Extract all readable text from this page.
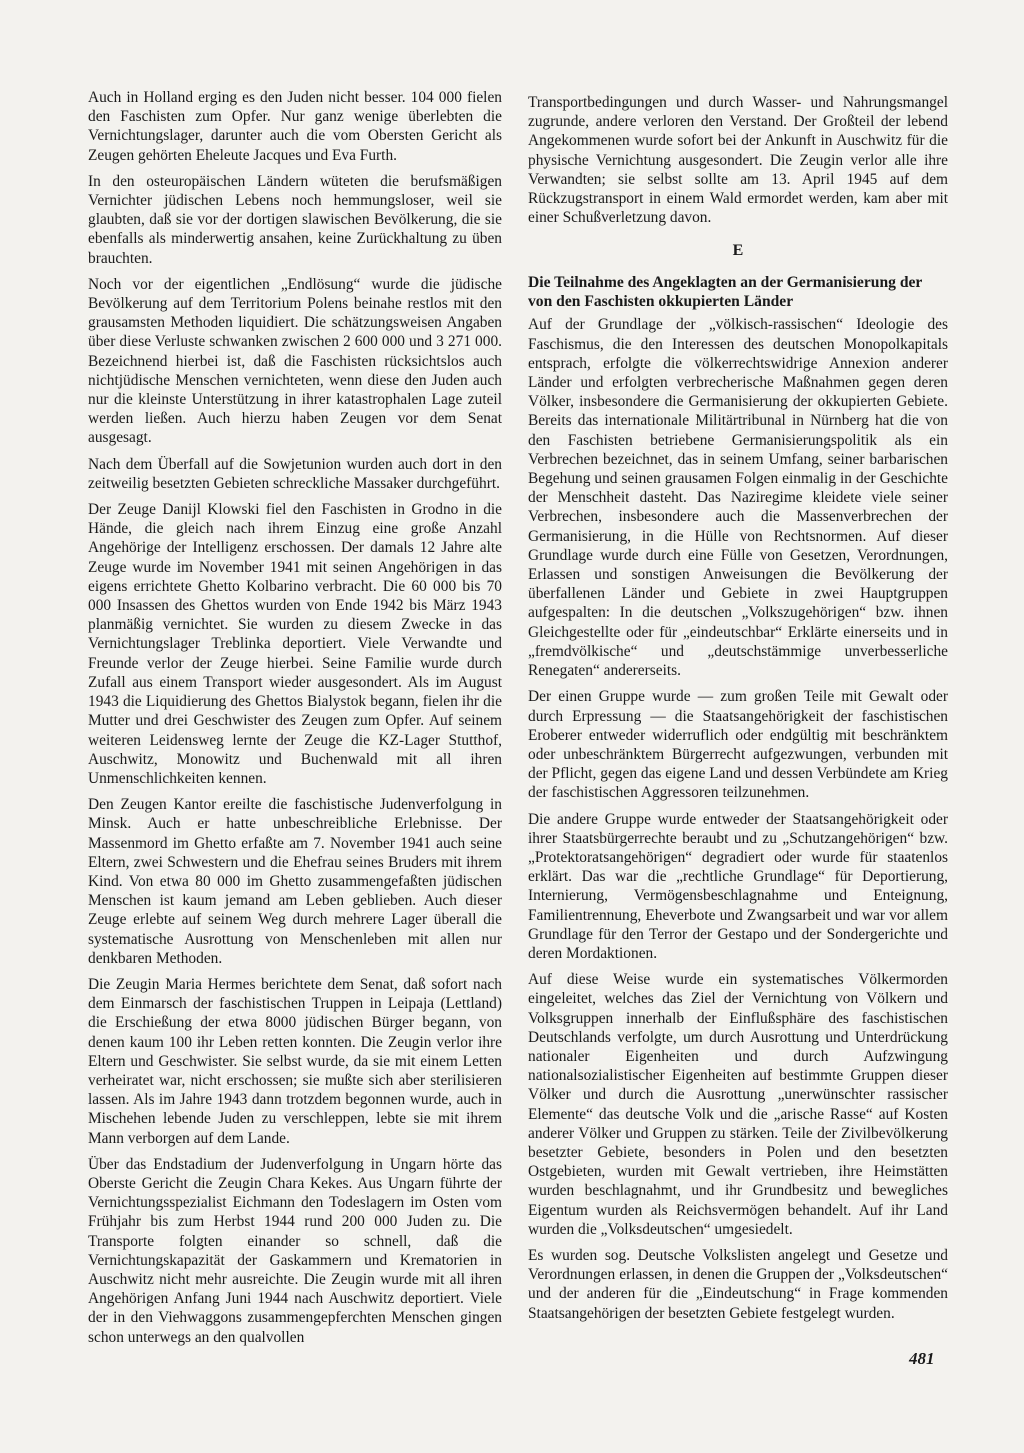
Auch in Holland erging es den Juden nicht besser. 104 000 fielen den Faschisten zum Opfer. Nur ganz wenige überlebten die Vernichtungslager, darunter auch die vom Obersten Gericht als Zeugen gehörten Eheleute Jacques und Eva Furth.

In den osteuropäischen Ländern wüteten die berufsmäßigen Vernichter jüdischen Lebens noch hemmungsloser, weil sie glaubten, daß sie vor der dortigen slawischen Bevölkerung, die sie ebenfalls als minderwertig ansahen, keine Zurückhaltung zu üben brauchten.

Noch vor der eigentlichen „Endlösung“ wurde die jüdische Bevölkerung auf dem Territorium Polens beinahe restlos mit den grausamsten Methoden liquidiert. Die schätzungsweisen Angaben über diese Verluste schwanken zwischen 2 600 000 und 3 271 000. Bezeichnend hierbei ist, daß die Faschisten rücksichtslos auch nichtjüdische Menschen vernichteten, wenn diese den Juden auch nur die kleinste Unterstützung in ihrer katastrophalen Lage zuteil werden ließen. Auch hierzu haben Zeugen vor dem Senat ausgesagt.

Nach dem Überfall auf die Sowjetunion wurden auch dort in den zeitweilig besetzten Gebieten schreckliche Massaker durchgeführt.

Der Zeuge Danijl Klowski fiel den Faschisten in Grodno in die Hände, die gleich nach ihrem Einzug eine große Anzahl Angehörige der Intelligenz erschossen. Der damals 12 Jahre alte Zeuge wurde im November 1941 mit seinen Angehörigen in das eigens errichtete Ghetto Kolbarino verbracht. Die 60 000 bis 70 000 Insassen des Ghettos wurden von Ende 1942 bis März 1943 planmäßig vernichtet. Sie wurden zu diesem Zwecke in das Vernichtungslager Treblinka deportiert. Viele Verwandte und Freunde verlor der Zeuge hierbei. Seine Familie wurde durch Zufall aus einem Transport wieder ausgesondert. Als im August 1943 die Liquidierung des Ghettos Bialystok begann, fielen ihr die Mutter und drei Geschwister des Zeugen zum Opfer. Auf seinem weiteren Leidensweg lernte der Zeuge die KZ-Lager Stutthof, Auschwitz, Monowitz und Buchenwald mit all ihren Unmenschlichkeiten kennen.

Den Zeugen Kantor ereilte die faschistische Judenverfolgung in Minsk. Auch er hatte unbeschreibliche Erlebnisse. Der Massenmord im Ghetto erfaßte am 7. November 1941 auch seine Eltern, zwei Schwestern und die Ehefrau seines Bruders mit ihrem Kind. Von etwa 80 000 im Ghetto zusammengefaßten jüdischen Menschen ist kaum jemand am Leben geblieben. Auch dieser Zeuge erlebte auf seinem Weg durch mehrere Lager überall die systematische Ausrottung von Menschenleben mit allen nur denkbaren Methoden.

Die Zeugin Maria Hermes berichtete dem Senat, daß sofort nach dem Einmarsch der faschistischen Truppen in Leipaja (Lettland) die Erschießung der etwa 8000 jüdischen Bürger begann, von denen kaum 100 ihr Leben retten konnten. Die Zeugin verlor ihre Eltern und Geschwister. Sie selbst wurde, da sie mit einem Letten verheiratet war, nicht erschossen; sie mußte sich aber sterilisieren lassen. Als im Jahre 1943 dann trotzdem begonnen wurde, auch in Mischehen lebende Juden zu verschleppen, lebte sie mit ihrem Mann verborgen auf dem Lande.

Über das Endstadium der Judenverfolgung in Ungarn hörte das Oberste Gericht die Zeugin Chara Kekes. Aus Ungarn führte der Vernichtungsspezialist Eichmann den Todeslagern im Osten vom Frühjahr bis zum Herbst 1944 rund 200 000 Juden zu. Die Transporte folgten einander so schnell, daß die Vernichtungskapazität der Gaskammern und Krematorien in Auschwitz nicht mehr ausreichte. Die Zeugin wurde mit all ihren Angehörigen Anfang Juni 1944 nach Auschwitz deportiert. Viele der in den Viehwaggons zusammengepferchten Menschen gingen schon unterwegs an den qualvollen

Transportbedingungen und durch Wasser- und Nahrungsmangel zugrunde, andere verloren den Verstand. Der Großteil der lebend Angekommenen wurde sofort bei der Ankunft in Auschwitz für die physische Vernichtung ausgesondert. Die Zeugin verlor alle ihre Verwandten; sie selbst sollte am 13. April 1945 auf dem Rückzugstransport in einem Wald ermordet werden, kam aber mit einer Schußverletzung davon.

E
Die Teilnahme des Angeklagten an der Germanisierung der von den Faschisten okkupierten Länder

Auf der Grundlage der „völkisch-rassischen“ Ideologie des Faschismus, die den Interessen des deutschen Monopolkapitals entsprach, erfolgte die völkerrechtswidrige Annexion anderer Länder und erfolgten verbrecherische Maßnahmen gegen deren Völker, insbesondere die Germanisierung der okkupierten Gebiete. Bereits das internationale Militärtribunal in Nürnberg hat die von den Faschisten betriebene Germanisierungspolitik als ein Verbrechen bezeichnet, das in seinem Umfang, seiner barbarischen Begehung und seinen grausamen Folgen einmalig in der Geschichte der Menschheit dasteht. Das Naziregime kleidete viele seiner Verbrechen, insbesondere auch die Massenverbrechen der Germanisierung, in die Hülle von Rechtsnormen. Auf dieser Grundlage wurde durch eine Fülle von Gesetzen, Verordnungen, Erlassen und sonstigen Anweisungen die Bevölkerung der überfallenen Länder und Gebiete in zwei Hauptgruppen aufgespalten: In die deutschen „Volkszugehörigen“ bzw. ihnen Gleichgestellte oder für „eindeutschbar“ Erklärte einerseits und in „fremdvölkische“ und „deutschstämmige unverbesserliche Renegaten“ andererseits.

Der einen Gruppe wurde — zum großen Teile mit Gewalt oder durch Erpressung — die Staatsangehörigkeit der faschistischen Eroberer entweder widerruflich oder endgültig mit beschränktem oder unbeschränktem Bürgerrecht aufgezwungen, verbunden mit der Pflicht, gegen das eigene Land und dessen Verbündete am Krieg der faschistischen Aggressoren teilzunehmen.

Die andere Gruppe wurde entweder der Staatsangehörigkeit oder ihrer Staatsbürgerrechte beraubt und zu „Schutzangehörigen“ bzw. „Protektoratsangehörigen“ degradiert oder wurde für staatenlos erklärt. Das war die „rechtliche Grundlage“ für Deportierung, Internierung, Vermögensbeschlagnahme und Enteignung, Familientrennung, Eheverbote und Zwangsarbeit und war vor allem Grundlage für den Terror der Gestapo und der Sondergerichte und deren Mordaktionen.

Auf diese Weise wurde ein systematisches Völkermorden eingeleitet, welches das Ziel der Vernichtung von Völkern und Volksgruppen innerhalb der Einflußsphäre des faschistischen Deutschlands verfolgte, um durch Ausrottung und Unterdrückung nationaler Eigenheiten und durch Aufzwingung nationalsozialistischer Eigenheiten auf bestimmte Gruppen dieser Völker und durch die Ausrottung „unerwünschter rassischer Elemente“ das deutsche Volk und die „arische Rasse“ auf Kosten anderer Völker und Gruppen zu stärken. Teile der Zivilbevölkerung besetzter Gebiete, besonders in Polen und den besetzten Ostgebieten, wurden mit Gewalt vertrieben, ihre Heimstätten wurden beschlagnahmt, und ihr Grundbesitz und bewegliches Eigentum wurden als Reichsvermögen behandelt. Auf ihr Land wurden die „Volksdeutschen“ umgesiedelt.

Es wurden sog. Deutsche Volkslisten angelegt und Gesetze und Verordnungen erlassen, in denen die Gruppen der „Volksdeutschen“ und der anderen für die „Eindeutschung“ in Frage kommenden Staatsangehörigen der besetzten Gebiete festgelegt wurden.

481
